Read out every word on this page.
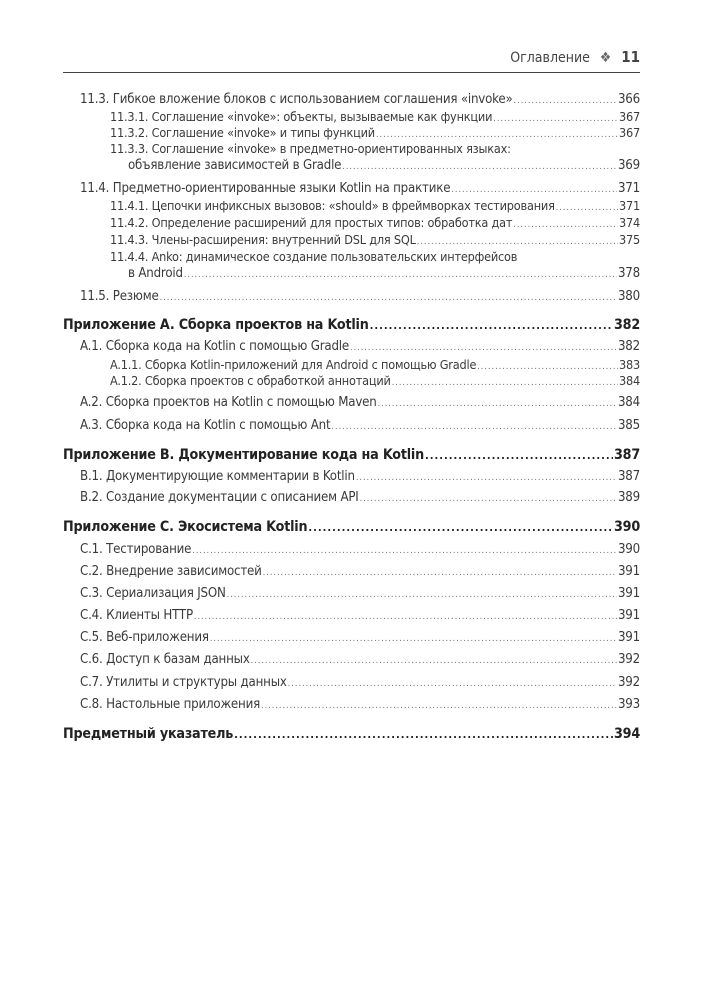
Оглавление ❖ 11
11.3. Гибкое вложение блоков с использованием соглашения «invoke» .....	366
11.3.1. Соглашение «invoke»: объекты, вызываемые как функции .....	367
11.3.2. Соглашение «invoke» и типы функций .....	367
11.3.3. Соглашение «invoke» в предметно-ориентированных языках:
объявление зависимостей в Gradle .....	369
11.4. Предметно-ориентированные языки Kotlin на практике .....	371
11.4.1. Цепочки инфиксных вызовов: «should» в фреймворках тестирования .....	371
11.4.2. Определение расширений для простых типов: обработка дат .....	374
11.4.3. Члены-расширения: внутренний DSL для SQL .....	375
11.4.4. Anko: динамическое создание пользовательских интерфейсов
в Android .....	378
11.5. Резюме .....	380
Приложение A. Сборка проектов на Kotlin .....	382
A.1. Сборка кода на Kotlin с помощью Gradle .....	382
A.1.1. Сборка Kotlin-приложений для Android с помощью Gradle .....	383
A.1.2. Сборка проектов с обработкой аннотаций .....	384
A.2. Сборка проектов на Kotlin с помощью Maven .....	384
A.3. Сборка кода на Kotlin с помощью Ant .....	385
Приложение B. Документирование кода на Kotlin .....	387
B.1. Документирующие комментарии в Kotlin .....	387
B.2. Создание документации с описанием API .....	389
Приложение C. Экосистема Kotlin .....	390
C.1. Тестирование .....	390
C.2. Внедрение зависимостей .....	391
C.3. Сериализация JSON .....	391
C.4. Клиенты HTTP .....	391
C.5. Веб-приложения .....	391
C.6. Доступ к базам данных .....	392
C.7. Утилиты и структуры данных .....	392
C.8. Настольные приложения .....	393
Предметный указатель .....	394
